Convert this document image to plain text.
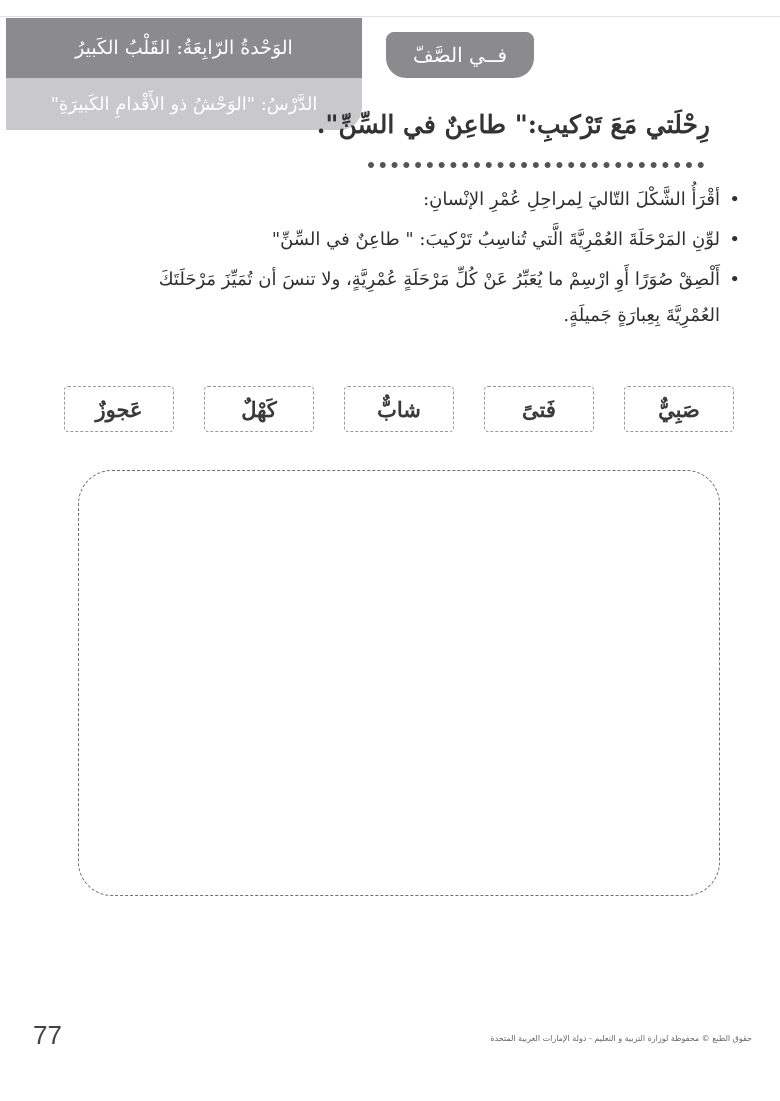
الوَحْدةُ الرّابِعَةُ: القَلْبُ الكَبيرُ
الدَّرْسُ: "الوَحْشُ ذو الأَقْدامِ الكَبيرَةِ"
فــي الصَّفّ
رِحْلَتي مَعَ تَرْكيبِ:" طاعِنٌ في السِّنِّ".
•
أقْرَأُ الشَّكْلَ التّاليَ لِمراحِلِ عُمْرِ الإنْسانِ:
•
لوِّنِ المَرْحَلَةَ العُمْرِيَّةَ الَّتي تُناسِبُ تَرْكيبَ: " طاعِنٌ في السِّنِّ"
•
أَلْصِقْ صُوَرًا أَوِ ارْسِمْ ما يُعَبِّرُ عَنْ كُلِّ مَرْحَلَةٍ عُمْرِيَّةٍ، ولا تنسَ أن تُمَيِّزَ مَرْحَلَتَكَ العُمْرِيَّةَ بِعِبارَةٍ جَميلَةٍ.
صَبِيٌّ
فَتىً
شابٌّ
كَهْلٌ
عَجوزٌ
77	حقوق الطبع © محفوظة لوزارة التربية و التعليم - دولة الإمارات العربية المتحدة
